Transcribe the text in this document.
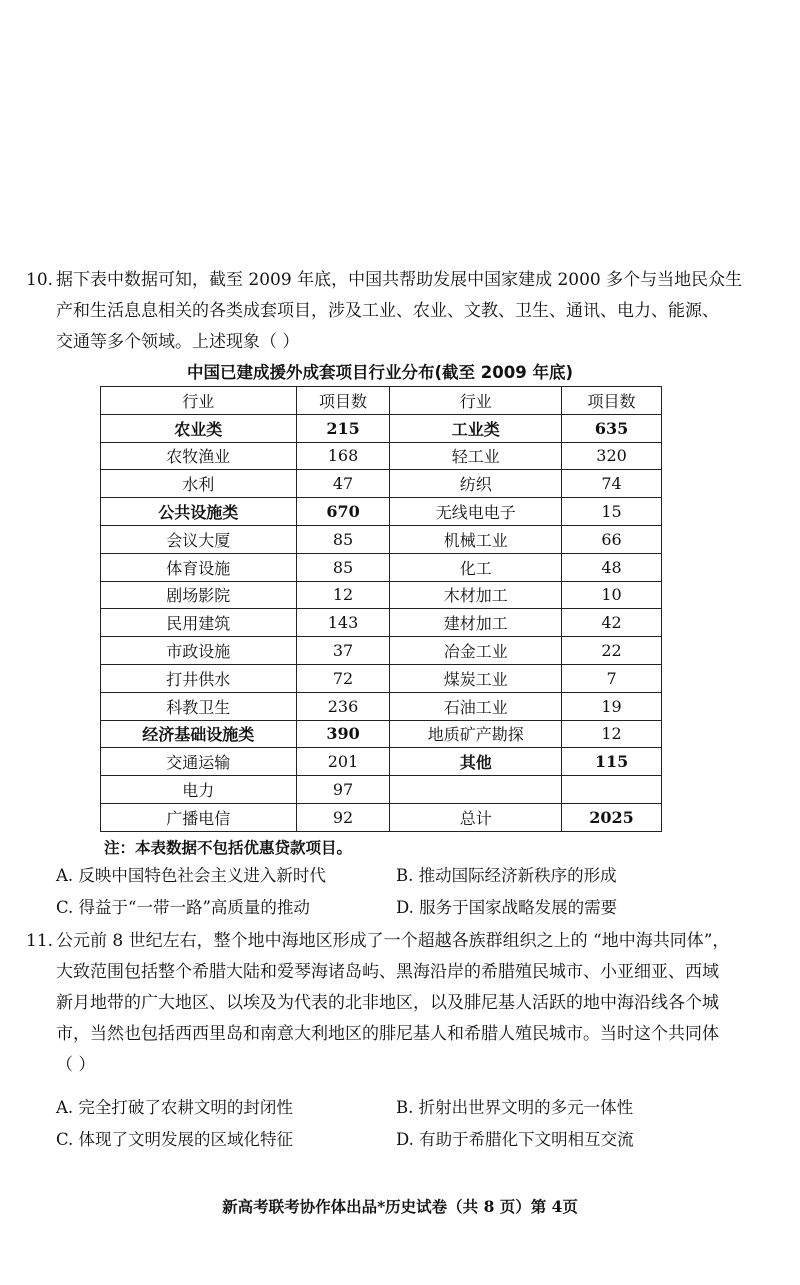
10. 据下表中数据可知，截至 2009 年底，中国共帮助发展中国家建成 2000 多个与当地民众生
产和生活息息相关的各类成套项目，涉及工业、农业、文教、卫生、通讯、电力、能源、
交通等多个领域。上述现象（ ）
中国已建成援外成套项目行业分布(截至 2009 年底)
行业	项目数	行业	项目数
农业类	215	工业类	635
农牧渔业	168	轻工业	320
水利	47	纺织	74
公共设施类	670	无线电电子	15
会议大厦	85	机械工业	66
体育设施	85	化工	48
剧场影院	12	木材加工	10
民用建筑	143	建材加工	42
市政设施	37	冶金工业	22
打井供水	72	煤炭工业	7
科教卫生	236	石油工业	19
经济基础设施类	390	地质矿产勘探	12
交通运输	201	其他	115
电力	97		
广播电信	92	总计	2025
注：本表数据不包括优惠贷款项目。
A. 反映中国特色社会主义进入新时代	B. 推动国际经济新秩序的形成
C. 得益于“一带一路”高质量的推动	D. 服务于国家战略发展的需要
11. 公元前 8 世纪左右，整个地中海地区形成了一个超越各族群组织之上的 “地中海共同体”，
大致范围包括整个希腊大陆和爱琴海诸岛屿、黑海沿岸的希腊殖民城市、小亚细亚、西域
新月地带的广大地区、以埃及为代表的北非地区，以及腓尼基人活跃的地中海沿线各个城
市，当然也包括西西里岛和南意大利地区的腓尼基人和希腊人殖民城市。当时这个共同体
（ ）
A. 完全打破了农耕文明的封闭性	B. 折射出世界文明的多元一体性
C. 体现了文明发展的区域化特征	D. 有助于希腊化下文明相互交流
新高考联考协作体出品*历史试卷（共 8 页）第 4页
